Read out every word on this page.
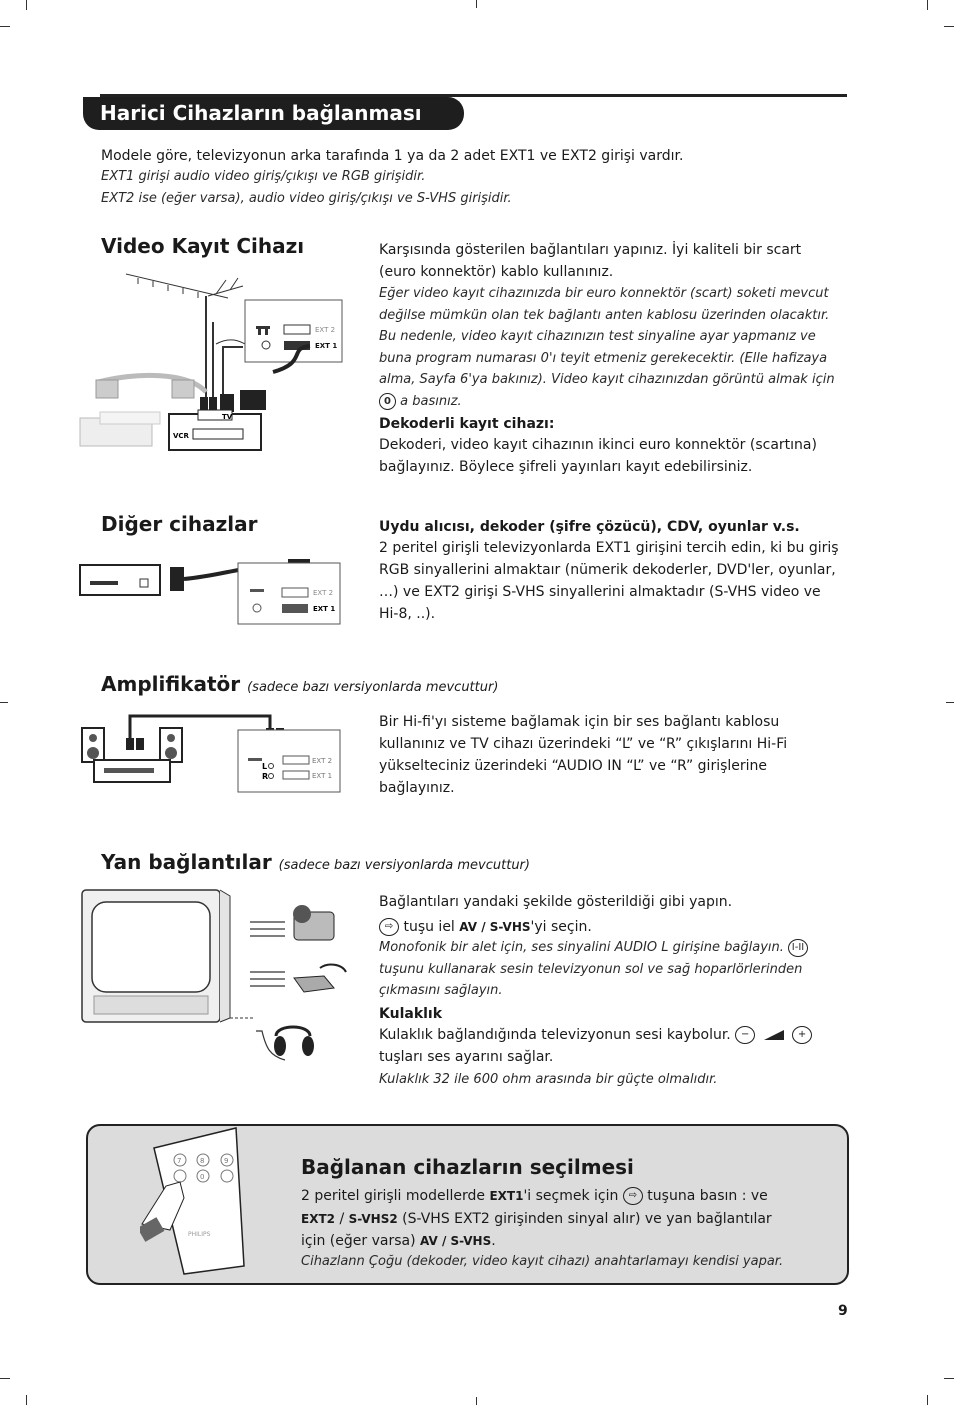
Harici Cihazların bağlanması
Modele göre, televizyonun arka tarafında 1 ya da 2 adet EXT1 ve EXT2 girişi vardır.
EXT1 girişi audio video giriş/çıkışı ve RGB girişidir.
EXT2 ise (eğer varsa), audio video giriş/çıkışı ve S-VHS girişidir.
Video Kayıt Cihazı
EXT 2
EXT 1
VCR
TV
Karşısında gösterilen bağlantıları yapınız. İyi kaliteli bir scart (euro konnektör) kablo kullanınız.
Eğer video kayıt cihazınızda bir euro konnektör (scart) soketi mevcut değilse mümkün olan tek bağlantı anten kablosu üzerinden olacaktır. Bu nedenle, video kayıt cihazınızın test sinyaline ayar yapmanız ve buna program numarası 0'ı teyit etmeniz gerekecektir. (Elle hafizaya alma, Sayfa 6'ya bakınız). Video kayıt cihazınızdan görüntü almak için 0 a basınız.
Dekoderli kayıt cihazı:
Dekoderi, video kayıt cihazının ikinci euro konnektör (scartına) bağlayınız. Böylece şifreli yayınları kayıt edebilirsiniz.
Diğer cihazlar
EXT 2
EXT 1
Uydu alıcısı, dekoder (şifre çözücü), CDV, oyunlar v.s.
2 peritel girişli televizyonlarda EXT1 girişini tercih edin, ki bu giriş RGB sinyallerini almaktaır (nümerik dekoderler, DVD'ler, oyunlar, …) ve EXT2 girişi S-VHS sinyallerini almaktadır (S-VHS video ve Hi-8, ..).
Amplifikatör (sadece bazı versiyonlarda mevcuttur)
L
R
EXT 2
EXT 1
Bir Hi-fi'yı sisteme bağlamak için bir ses bağlantı kablosu kullanınız ve TV cihazı üzerindeki “L” ve “R” çıkışlarını Hi-Fi yükselteciniz üzerindeki “AUDIO IN “L” ve “R” girişlerine bağlayınız.
Yan bağlantılar (sadece bazı versiyonlarda mevcuttur)
Bağlantıları yandaki şekilde gösterildiği gibi yapın.
⇨ tuşu iel AV / S-VHS'yi seçin.
Monofonik bir alet için, ses sinyalini AUDIO L girişine bağlayın. I-II tuşunu kullanarak sesin televizyonun sol ve sağ hoparlörlerinden çıkmasını sağlayın.
Kulaklık
Kulaklık bağlandığında televizyonun sesi kaybolur. −	+ tuşları ses ayarını sağlar.
Kulaklık 32 ile 600 ohm arasında bir güçte olmalıdır.
7	8	9
0
PHILIPS
Bağlanan cihazların seçilmesi
2 peritel girişli modellerde EXT1'i seçmek için ⇨ tuşuna basın : ve
EXT2 / S-VHS2 (S-VHS EXT2 girişinden sinyal alır) ve yan bağlantılar
için (eğer varsa) AV / S-VHS.
Cihazlann Çoğu (dekoder, video kayıt cihazı) anahtarlamayı kendisi yapar.
9
